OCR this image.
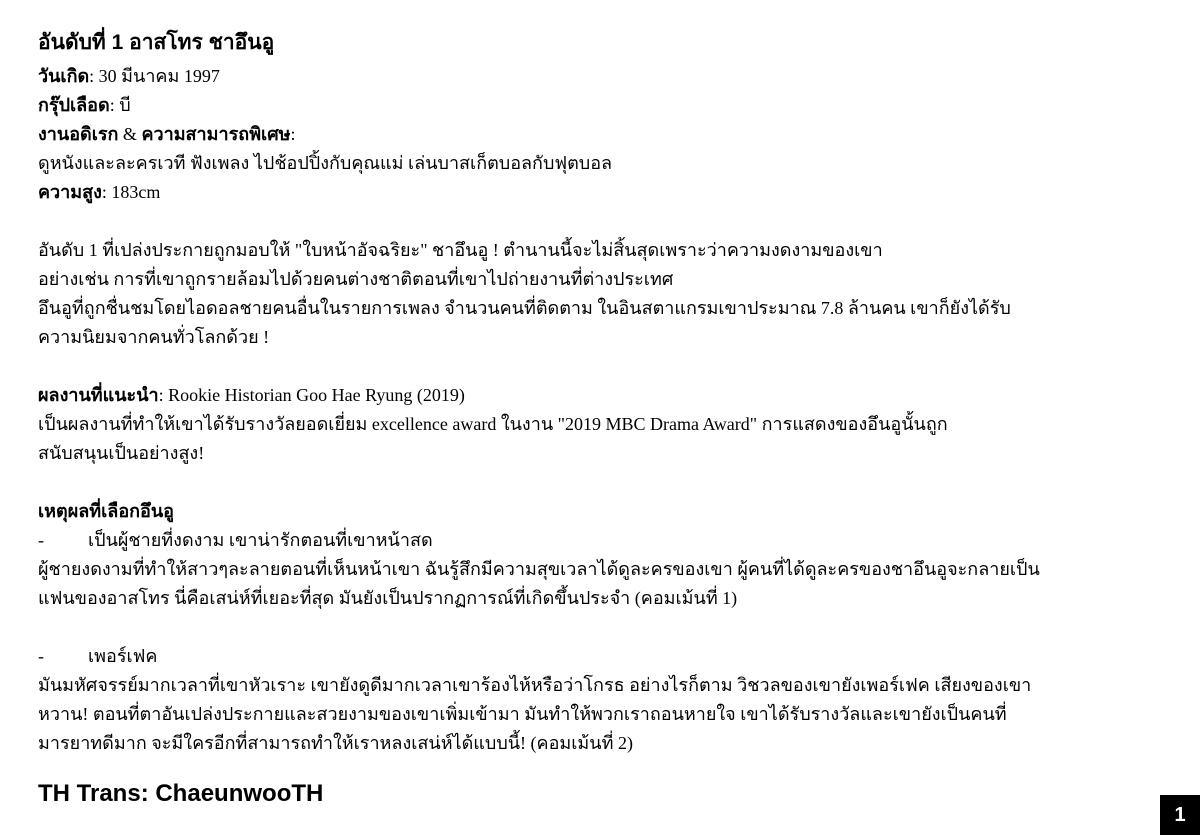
อันดับที่ 1 อาสโทร ชาอึนอู
วันเกิด: 30 มีนาคม 1997
กรุ๊ปเลือด: บี
งานอดิเรก & ความสามารถพิเศษ:
ดูหนังและละครเวที ฟังเพลง ไปช้อปปิ้งกับคุณแม่ เล่นบาสเก็ตบอลกับฟุตบอล
ความสูง: 183cm
อันดับ 1 ที่เปล่งประกายถูกมอบให้ "ใบหน้าอัจฉริยะ" ชาอึนอู ! ตำนานนี้จะไม่สิ้นสุดเพราะว่าความงดงามของเขา
อย่างเช่น การที่เขาถูกรายล้อมไปด้วยคนต่างชาติตอนที่เขาไปถ่ายงานที่ต่างประเทศ
อึนอูที่ถูกชื่นชมโดยไอดอลชายคนอื่นในรายการเพลง จำนวนคนที่ติดตาม ในอินสตาแกรมเขาประมาณ 7.8 ล้านคน เขาก็ยังได้รับ
ความนิยมจากคนทั่วโลกด้วย !
ผลงานที่แนะนำ: Rookie Historian Goo Hae Ryung (2019)
เป็นผลงานที่ทำให้เขาได้รับรางวัลยอดเยี่ยม excellence award ในงาน "2019 MBC Drama Award" การแสดงของอึนอูนั้นถูก
สนับสนุนเป็นอย่างสูง!
เหตุผลที่เลือกอึนอู
- เป็นผู้ชายที่งดงาม เขาน่ารักตอนที่เขาหน้าสด
ผู้ชายงดงามที่ทำให้สาวๆละลายตอนที่เห็นหน้าเขา ฉันรู้สึกมีความสุขเวลาได้ดูละครของเขา ผู้คนที่ได้ดูละครของชาอึนอูจะกลายเป็น
แฟนของอาสโทร นี่คือเสน่ห์ที่เยอะที่สุด มันยังเป็นปรากฏการณ์ที่เกิดขึ้นประจำ (คอมเม้นที่ 1)
- เพอร์เฟค
มันมหัศจรรย์มากเวลาที่เขาหัวเราะ เขายังดูดีมากเวลาเขาร้องไห้หรือว่าโกรธ อย่างไรก็ตาม วิชวลของเขายังเพอร์เฟค เสียงของเขา
หวาน! ตอนที่ตาอันเปล่งประกายและสวยงามของเขาเพิ่มเข้ามา มันทำให้พวกเราถอนหายใจ เขาได้รับรางวัลและเขายังเป็นคนที่
มารยาทดีมาก จะมีใครอีกที่สามารถทำให้เราหลงเสน่ห์ได้แบบนี้! (คอมเม้นที่ 2)
TH Trans: ChaeunwooTH
1
